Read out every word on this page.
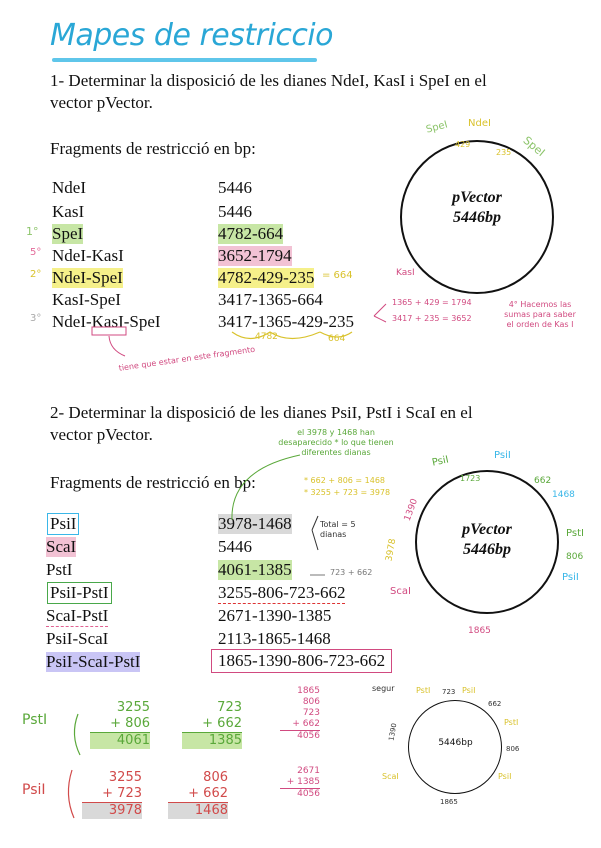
Mapes de restriccio
1- Determinar la disposició de les dianes NdeI, KasI i SpeI en el
vector pVector.
Fragments de restricció en bp:
NdeI	5446
KasI	5446
1° SpeI	4782-664
5° NdeI-KasI	3652-1794
2° NdeI-SpeI	4782-429-235 = 664
KasI-SpeI	3417-1365-664
3° NdeI-KasI-SpeI	3417-1365-429-235
4782	664
tiene que estar en este fragmento
1365 + 429 = 1794
3417 + 235 = 3652
4° Hacemos las sumas para saber el orden de Kas I
pVector
5446bp
SpeI NdeI
SpeI
KasI
429
235
2- Determinar la disposició de les dianes PsiI, PstI i ScaI en el
vector pVector.
Fragments de restricció en bp:
PsiI	3978-1468
ScaI	5446
PstI	4061-1385
PsiI-PstI	3255-806-723-662
ScaI-PstI	2671-1390-1385
PsiI-ScaI	2113-1865-1468
PsiI-ScaI-PstI	1865-1390-806-723-662
Total = 5 dianas
el 3978 y 1468 han desaparecido * lo que tienen diferentes dianas
* 662 + 806 = 1468
* 3255 + 723 = 3978
723 + 662
pVector
5446bp
PsiI	PsiI
1723	662
1468
PstI
806
PsiI
1865
ScaI
3978
1390
PstI
3255
+ 806
4061
723
+ 662
1385
PsiI
3255
+ 723
3978
806
+ 662
1468
1865
806
723
+ 662
4056
2671
+ 1385
4056
segur
5446bp
PstI 723 PsiI
662
PstI
806
PsiI
1865
ScaI
1390
